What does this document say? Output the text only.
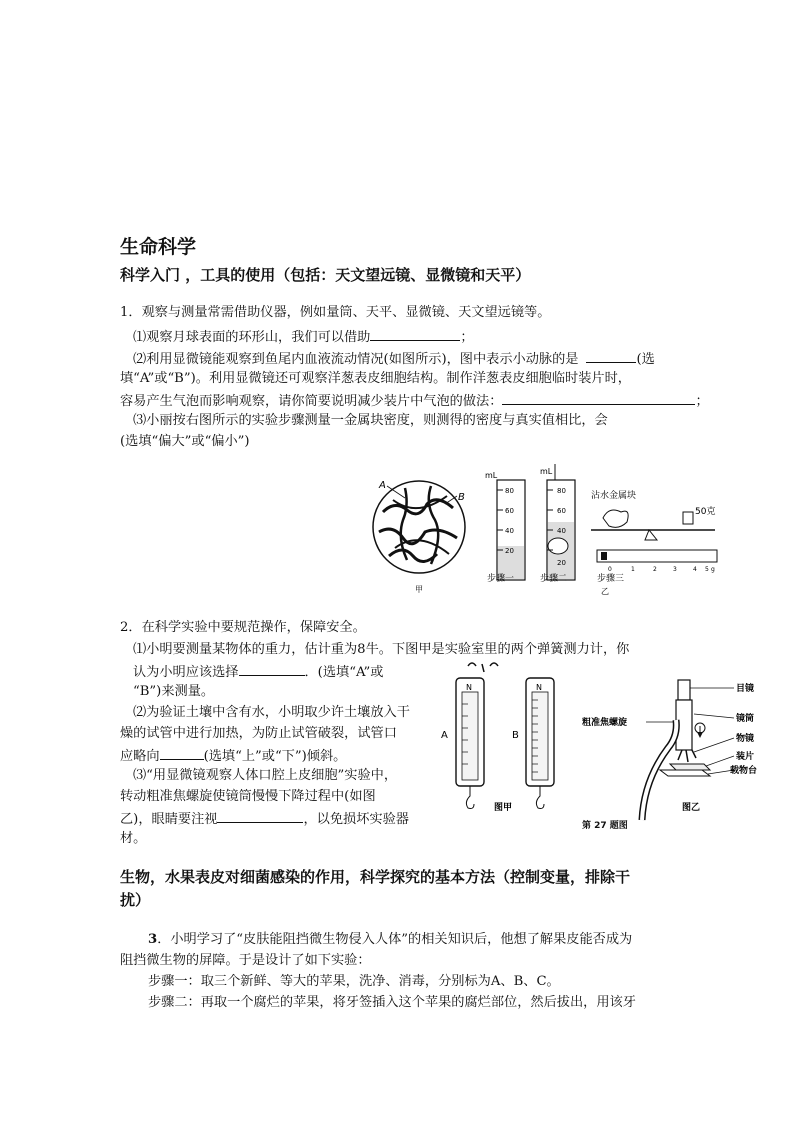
生命科学
科学入门 ，工具的使用（包括：天文望远镜、显微镜和天平）
1．观察与测量常需借助仪器，例如量筒、天平、显微镜、天文望远镜等。
⑴观察月球表面的环形山，我们可以借助	；
⑵利用显微镜能观察到鱼尾内血液流动情况(如图所示)，图中表示小动脉的是	(选
填“A”或“B”)。利用显微镜还可观察洋葱表皮细胞结构。制作洋葱表皮细胞临时装片时，
容易产生气泡而影响观察，请你简要说明减少装片中气泡的做法：	；
⑶小丽按右图所示的实验步骤测量一金属块密度，则测得的密度与真实值相比，会
(选填“偏大”或“偏小”)
A
B
甲
mL
80
60
40
20
步骤一
mL
80
60
40
20
步骤二
沾水金属块
50克
0	1	2	3	4 5 g
步骤三
乙
2．在科学实验中要规范操作，保障安全。
⑴小明要测量某物体的重力，估计重为8牛。下图甲是实验室里的两个弹簧测力计，你
认为小明应该选择	．(选填“A”或
“B”)来测量。
⑵为验证土壤中含有水，小明取少许土壤放入干
燥的试管中进行加热，为防止试管破裂，试管口
应略向	(选填“上”或“下”)倾斜。
⑶“用显微镜观察人体口腔上皮细胞”实验中，
转动粗准焦螺旋使镜筒慢慢下降过程中(如图
乙)，眼睛要注视	，以免损坏实验器
材。
N
A
N
B
图甲
目镜
粗准焦螺旋	镜筒
物镜
装片
载物台
图乙
第 27 题图
生物，水果表皮对细菌感染的作用，科学探究的基本方法（控制变量，排除干
扰）
3．小明学习了“皮肤能阻挡微生物侵入人体”的相关知识后，他想了解果皮能否成为
阻挡微生物的屏障。于是设计了如下实验：
步骤一：取三个新鲜、等大的苹果，洗净、消毒，分别标为A、B、C。
步骤二：再取一个腐烂的苹果，将牙签插入这个苹果的腐烂部位，然后拔出，用该牙
